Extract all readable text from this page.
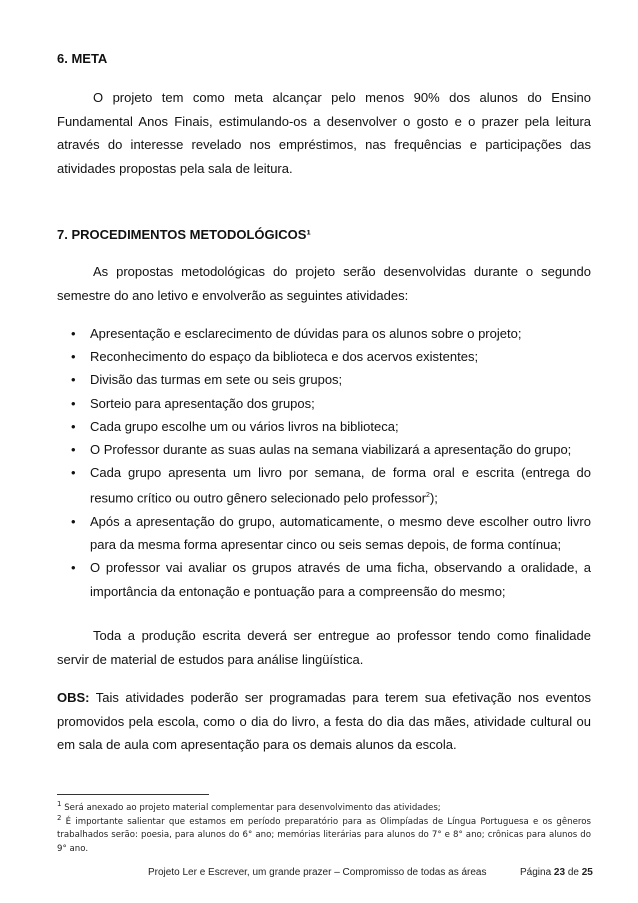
6. META
O projeto tem como meta alcançar pelo menos 90% dos alunos do Ensino Fundamental Anos Finais, estimulando-os a desenvolver o gosto e o prazer pela leitura através do interesse revelado nos empréstimos, nas frequências e participações das atividades propostas pela sala de leitura.
7. PROCEDIMENTOS METODOLÓGICOS¹
As propostas metodológicas do projeto serão desenvolvidas durante o segundo semestre do ano letivo e envolverão as seguintes atividades:
• Apresentação e esclarecimento de dúvidas para os alunos sobre o projeto;
• Reconhecimento do espaço da biblioteca e dos acervos existentes;
• Divisão das turmas em sete ou seis grupos;
• Sorteio para apresentação dos grupos;
• Cada grupo escolhe um ou vários livros na biblioteca;
• O Professor durante as suas aulas na semana viabilizará a apresentação do grupo;
• Cada grupo apresenta um livro por semana, de forma oral e escrita (entrega do resumo crítico ou outro gênero selecionado pelo professor$^2$);
• Após a apresentação do grupo, automaticamente, o mesmo deve escolher outro livro para da mesma forma apresentar cinco ou seis semas depois, de forma contínua;
• O professor vai avaliar os grupos através de uma ficha, observando a oralidade, a importância da entonação e pontuação para a compreensão do mesmo;
Toda a produção escrita deverá ser entregue ao professor tendo como finalidade servir de material de estudos para análise lingüística.
OBS: Tais atividades poderão ser programadas para terem sua efetivação nos eventos promovidos pela escola, como o dia do livro, a festa do dia das mães, atividade cultural ou em sala de aula com apresentação para os demais alunos da escola.
$^1$ Será anexado ao projeto material complementar para desenvolvimento das atividades;
$^2$ É importante salientar que estamos em período preparatório para as Olimpíadas de Língua Portuguesa e os gêneros trabalhados serão: poesia, para alunos do 6° ano; memórias literárias para alunos do 7° e 8° ano; crônicas para alunos do 9° ano.
Projeto Ler e Escrever, um grande prazer – Compromisso de todas as áreas	Página 23 de 25
